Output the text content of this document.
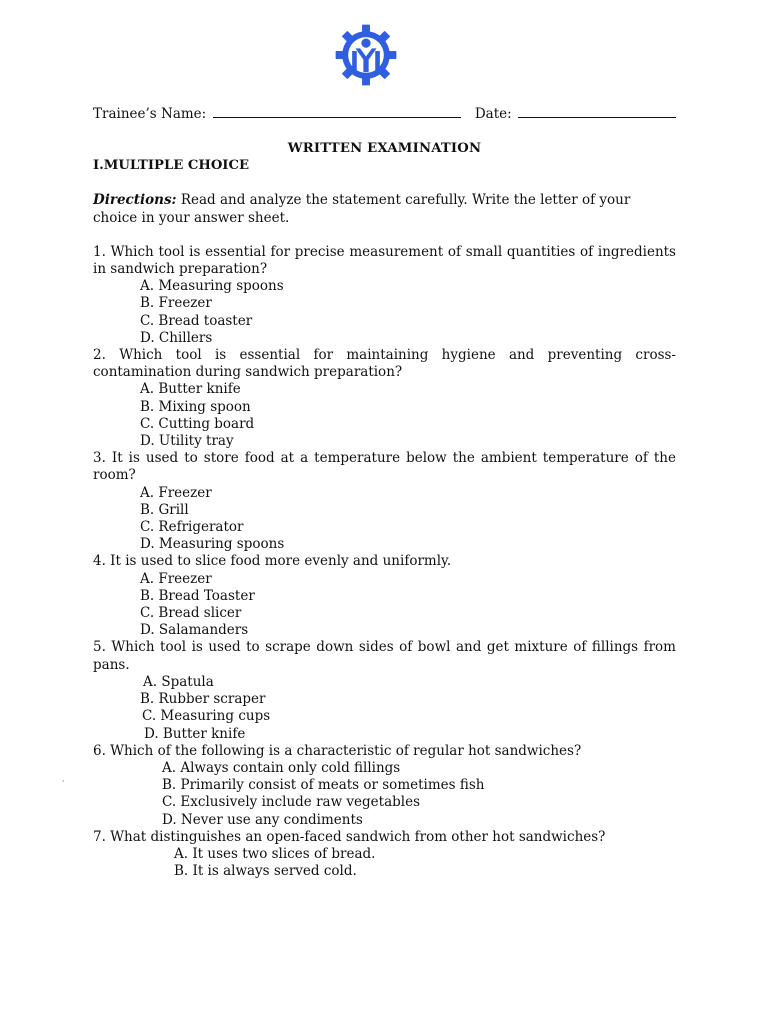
Trainee’s Name:	Date:
WRITTEN EXAMINATION
I.MULTIPLE CHOICE
Directions: Read and analyze the statement carefully. Write the letter of your choice in your answer sheet.
1. Which tool is essential for precise measurement of small quantities of ingredients in sandwich preparation?
A. Measuring spoons
B. Freezer
C. Bread toaster
D. Chillers
2. Which tool is essential for maintaining hygiene and preventing cross-contamination during sandwich preparation?
A. Butter knife
B. Mixing spoon
C. Cutting board
D. Utility tray
3. It is used to store food at a temperature below the ambient temperature of the room?
A. Freezer
B. Grill
C. Refrigerator
D. Measuring spoons
4. It is used to slice food more evenly and uniformly.
A. Freezer
B. Bread Toaster
C. Bread slicer
D. Salamanders
5. Which tool is used to scrape down sides of bowl and get mixture of fillings from pans.
A. Spatula
B. Rubber scraper
C. Measuring cups
D. Butter knife
6. Which of the following is a characteristic of regular hot sandwiches?
A. Always contain only cold fillings
B. Primarily consist of meats or sometimes fish
C. Exclusively include raw vegetables
D. Never use any condiments
7. What distinguishes an open-faced sandwich from other hot sandwiches?
A. It uses two slices of bread.
B. It is always served cold.
,
